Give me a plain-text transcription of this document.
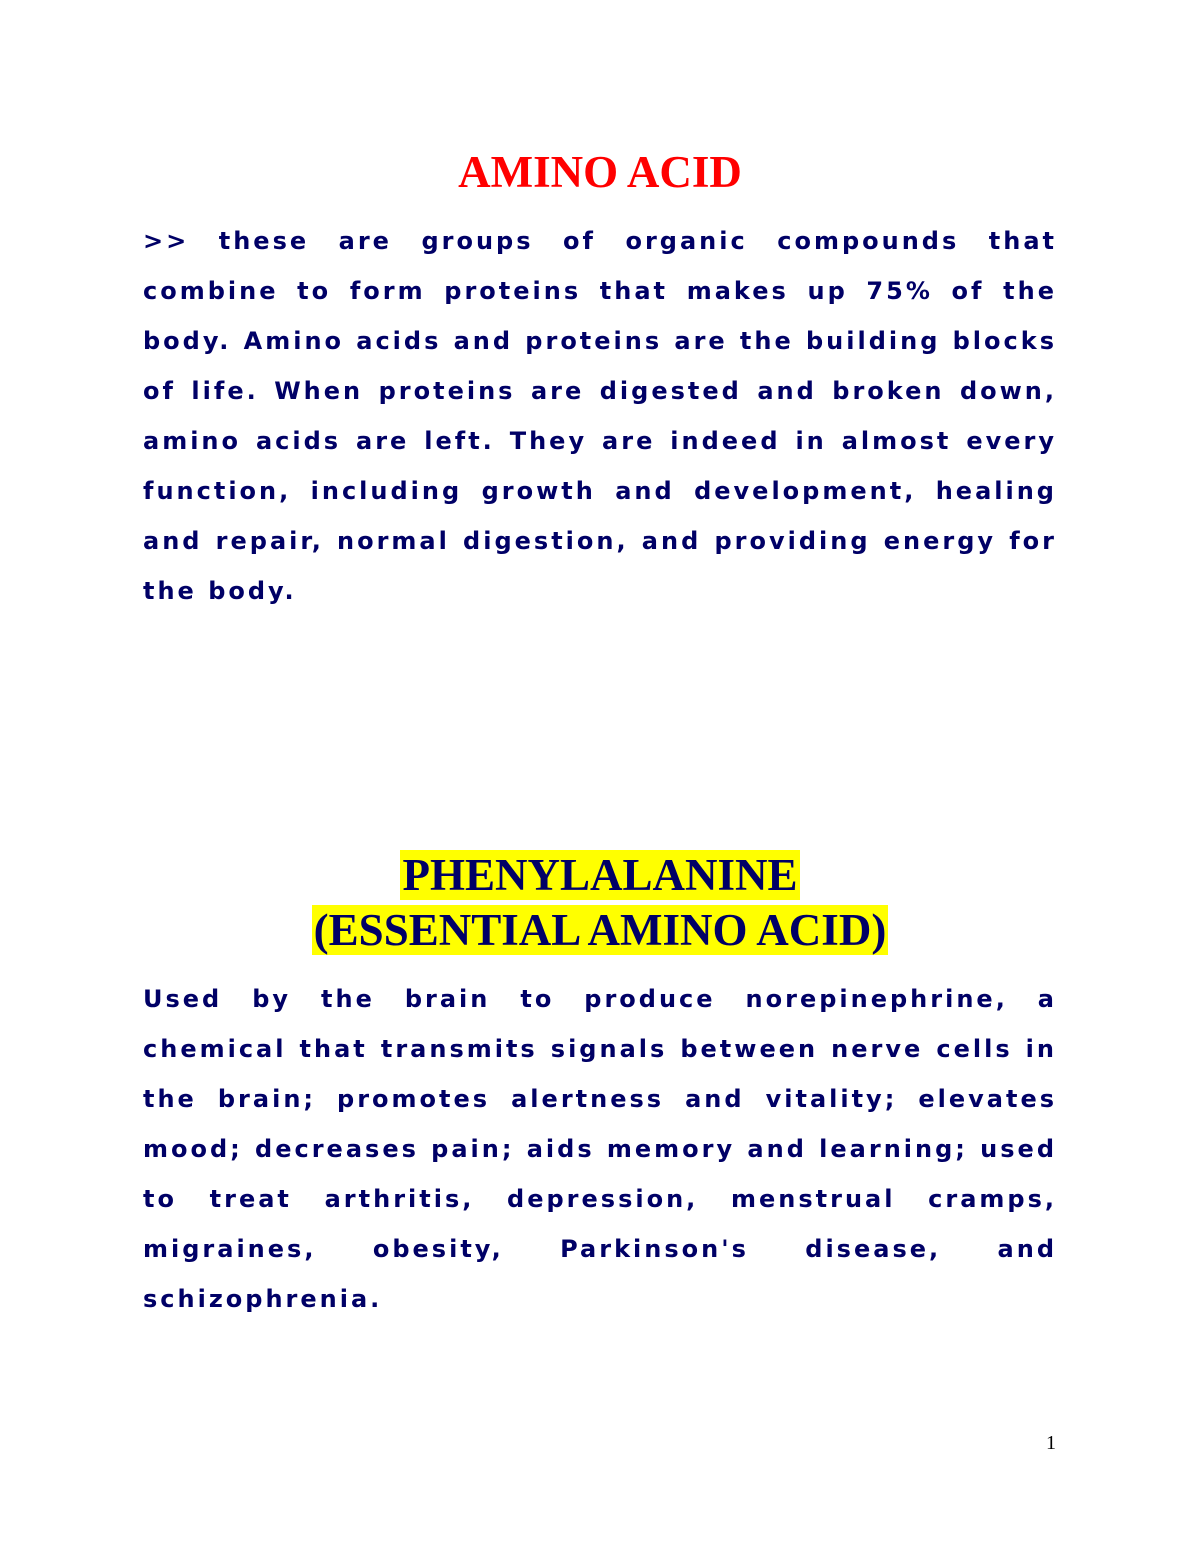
AMINO ACID

>> these are groups of organic compounds that combine to form proteins that makes up 75% of the body. Amino acids and proteins are the building blocks of life. When proteins are digested and broken down, amino acids are left. They are indeed in almost every function, including growth and development, healing and repair, normal digestion, and providing energy for the body.

PHENYLALANINE
(ESSENTIAL AMINO ACID)

Used by the brain to produce norepinephrine, a chemical that transmits signals between nerve cells in the brain; promotes alertness and vitality; elevates mood; decreases pain; aids memory and learning; used to treat arthritis, depression, menstrual cramps, migraines, obesity, Parkinson's disease, and schizophrenia.

1
